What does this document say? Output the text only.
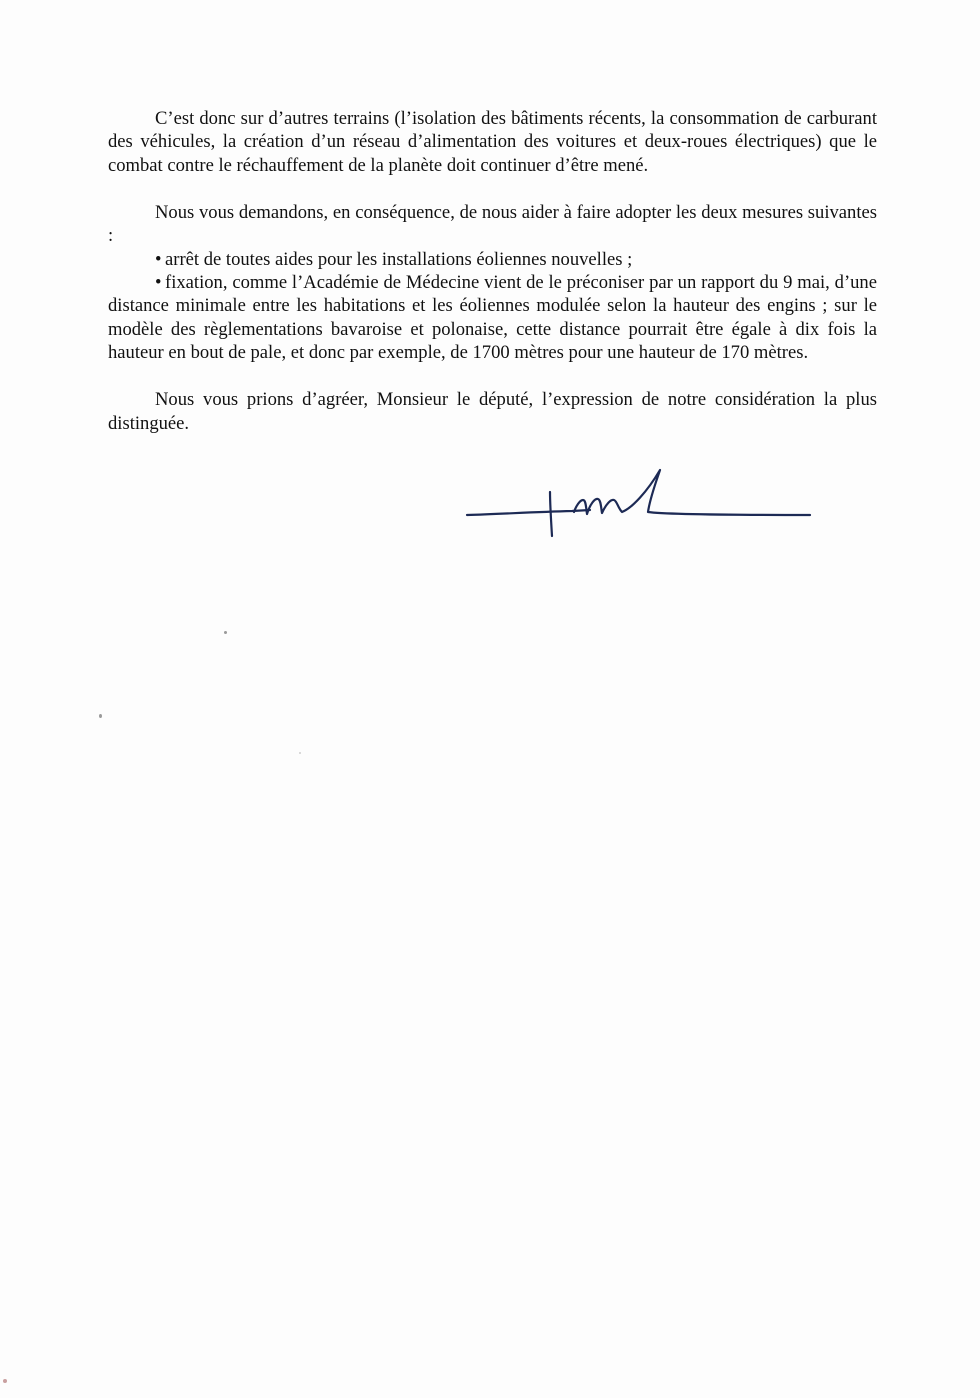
C’est donc sur d’autres terrains (l’isolation des bâtiments récents, la consommation de carburant des véhicules, la création d’un réseau d’alimentation des voitures et deux-roues électriques) que le combat contre le réchauffement de la planète doit continuer d’être mené.

Nous vous demandons, en conséquence, de nous aider à faire adopter les deux mesures suivantes :

• arrêt de toutes aides pour les installations éoliennes nouvelles ;
• fixation, comme l’Académie de Médecine vient de le préconiser par un rapport du 9 mai, d’une distance minimale entre les habitations et les éoliennes modulée selon la hauteur des engins ; sur le modèle des règlementations bavaroise et polonaise, cette distance pourrait être égale à dix fois la hauteur en bout de pale, et donc par exemple, de 1700 mètres pour une hauteur de 170 mètres.

Nous vous prions d’agréer, Monsieur le député, l’expression de notre considération la plus distinguée.
